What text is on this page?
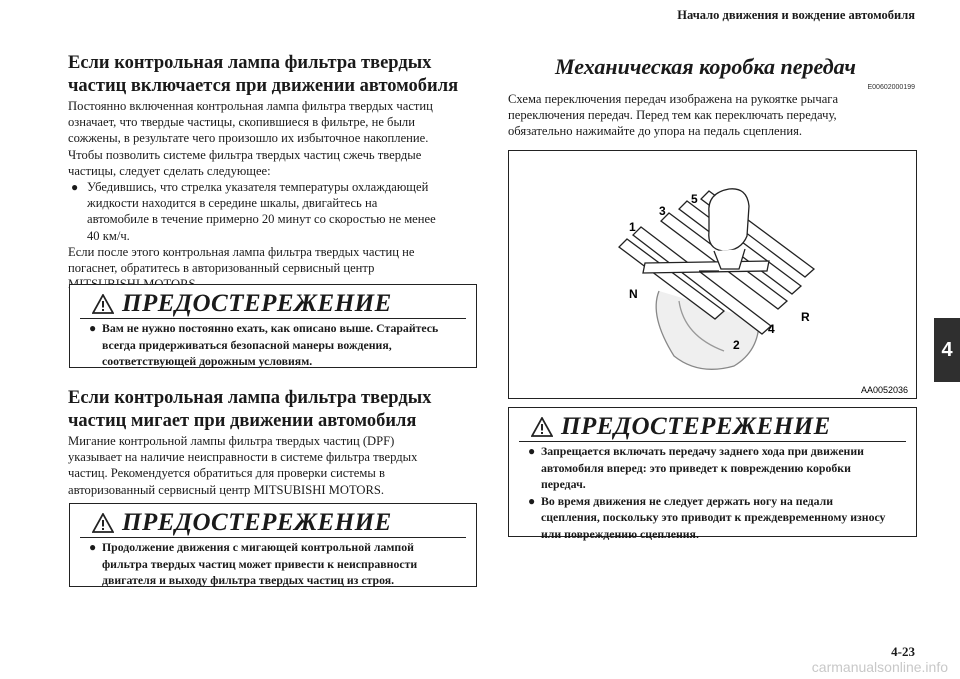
Начало движения и вождение автомобиля
4
4-23
carmanualsonline.info
Если контрольная лампа фильтра твердых
частиц включается при движении автомобиля

Постоянно включенная контрольная лампа фильтра твердых частиц
означает, что твердые частицы, скопившиеся в фильтре, не были
сожжены, в результате чего произошло их избыточное накопление.
Чтобы позволить системе фильтра твердых частиц сжечь твердые
частицы, следует сделать следующее:

● Убедившись, что стрелка указателя температуры охлаждающей
жидкости находится в середине шкалы, двигайтесь на
автомобиле в течение примерно 20 минут со скоростью не менее
40 км/ч.

Если после этого контрольная лампа фильтра твердых частиц не
погаснет, обратитесь в авторизованный сервисный центр

ПРЕДОСТЕРЕЖЕНИЕ
● Вам не нужно постоянно ехать, как описано выше. Старайтесь
всегда придерживаться безопасной манеры вождения,
соответствующей дорожным условиям.
Если контрольная лампа фильтра твердых
частиц мигает при движении автомобиля

Мигание контрольной лампы фильтра твердых частиц (DPF)
указывает на наличие неисправности в системе фильтра твердых
частиц. Рекомендуется обратиться для проверки системы в
авторизованный сервисный центр MITSUBISHI MOTORS.

ПРЕДОСТЕРЕЖЕНИЕ
● Продолжение движения с мигающей контрольной лампой
фильтра твердых частиц может привести к неисправности
двигателя и выходу фильтра твердых частиц из строя.
Механическая коробка передач
E00602000199

Схема переключения передач изображена на рукоятке рычага
переключения передач. Перед тем как переключать передачу,
обязательно нажимайте до упора на педаль сцепления.

1
3
5
N
R
4
2
AA0052036
ПРЕДОСТЕРЕЖЕНИЕ
● Запрещается включать передачу заднего хода при движении
автомобиля вперед: это приведет к повреждению коробки
передач.
● Во время движения не следует держать ногу на педали
сцепления, поскольку это приводит к преждевременному износу
или повреждению сцепления.
